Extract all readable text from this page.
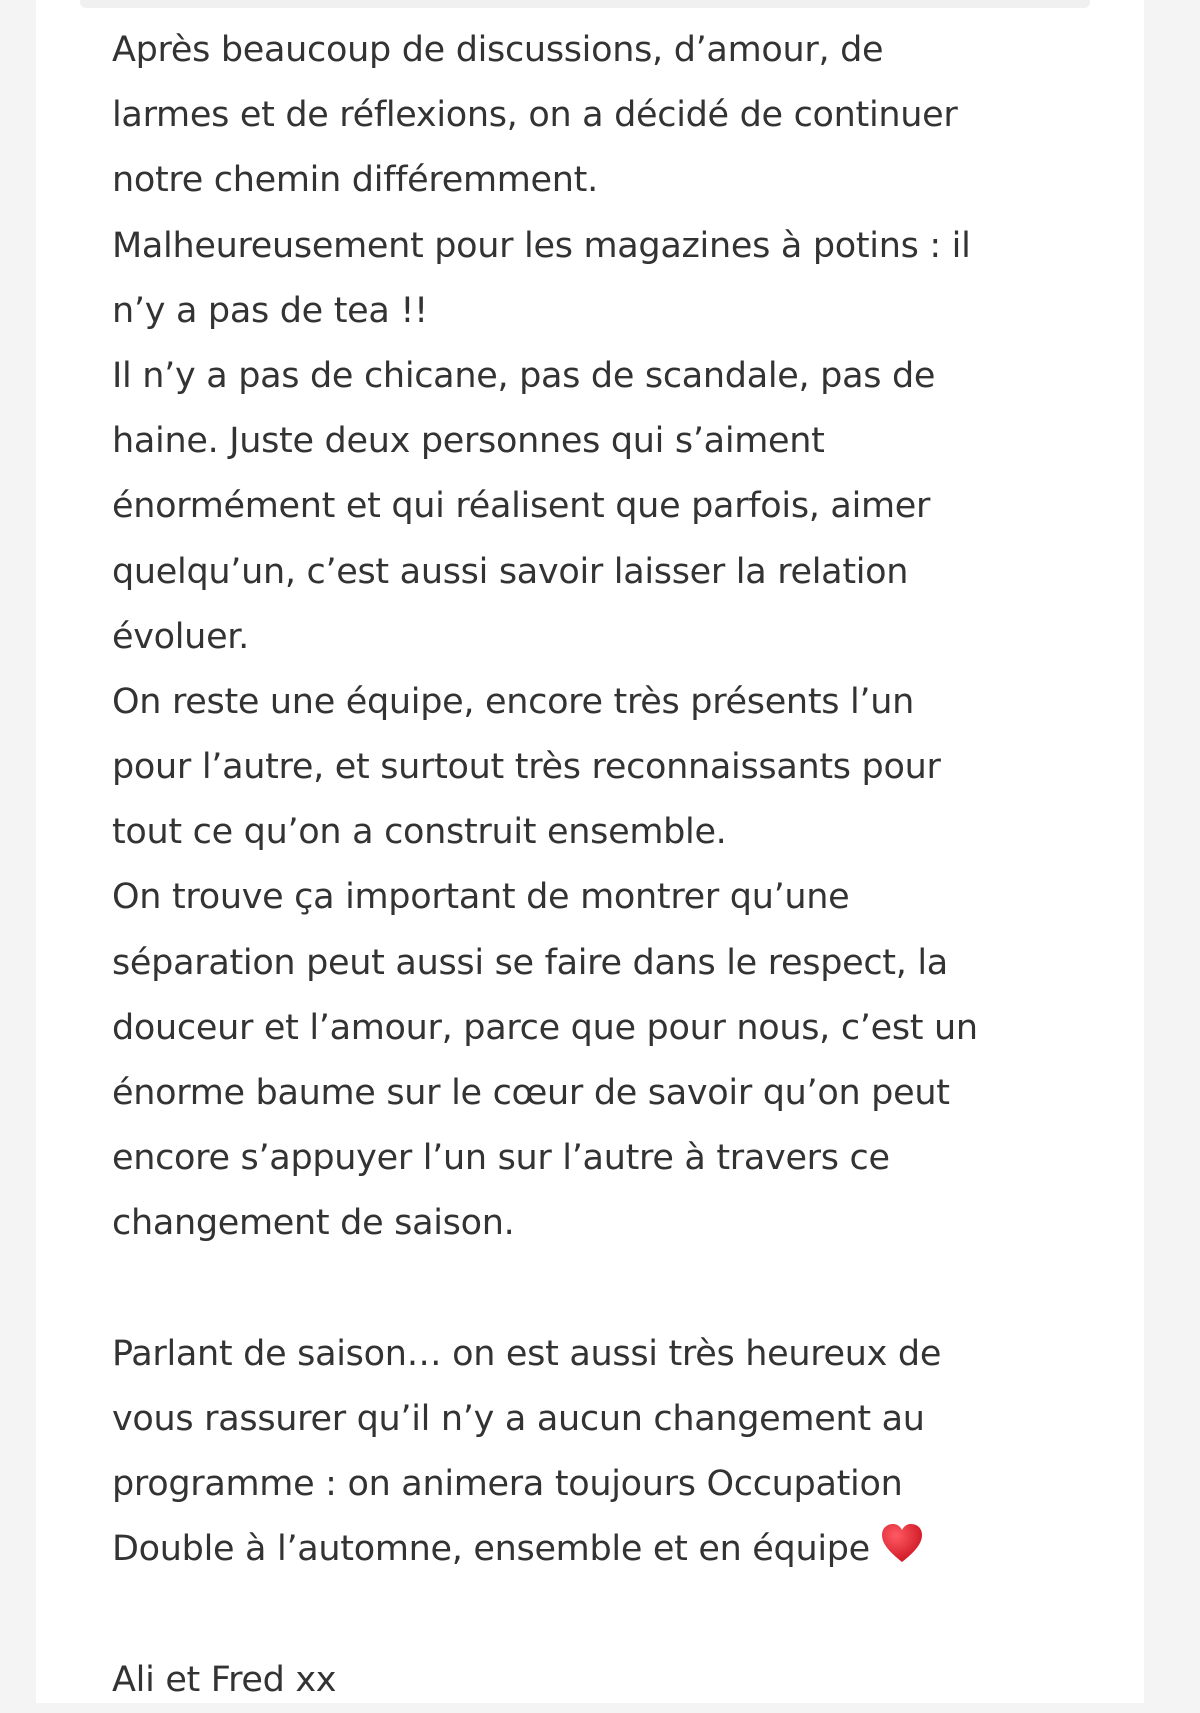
Après beaucoup de discussions, d’amour, de
larmes et de réflexions, on a décidé de continuer
notre chemin différemment.
Malheureusement pour les magazines à potins : il
n’y a pas de tea !!
Il n’y a pas de chicane, pas de scandale, pas de
haine. Juste deux personnes qui s’aiment
énormément et qui réalisent que parfois, aimer
quelqu’un, c’est aussi savoir laisser la relation
évoluer.
On reste une équipe, encore très présents l’un
pour l’autre, et surtout très reconnaissants pour
tout ce qu’on a construit ensemble.
On trouve ça important de montrer qu’une
séparation peut aussi se faire dans le respect, la
douceur et l’amour, parce que pour nous, c’est un
énorme baume sur le cœur de savoir qu’on peut
encore s’appuyer l’un sur l’autre à travers ce
changement de saison.
Parlant de saison… on est aussi très heureux de
vous rassurer qu’il n’y a aucun changement au
programme : on animera toujours Occupation
Double à l’automne, ensemble et en équipe
Ali et Fred xx
